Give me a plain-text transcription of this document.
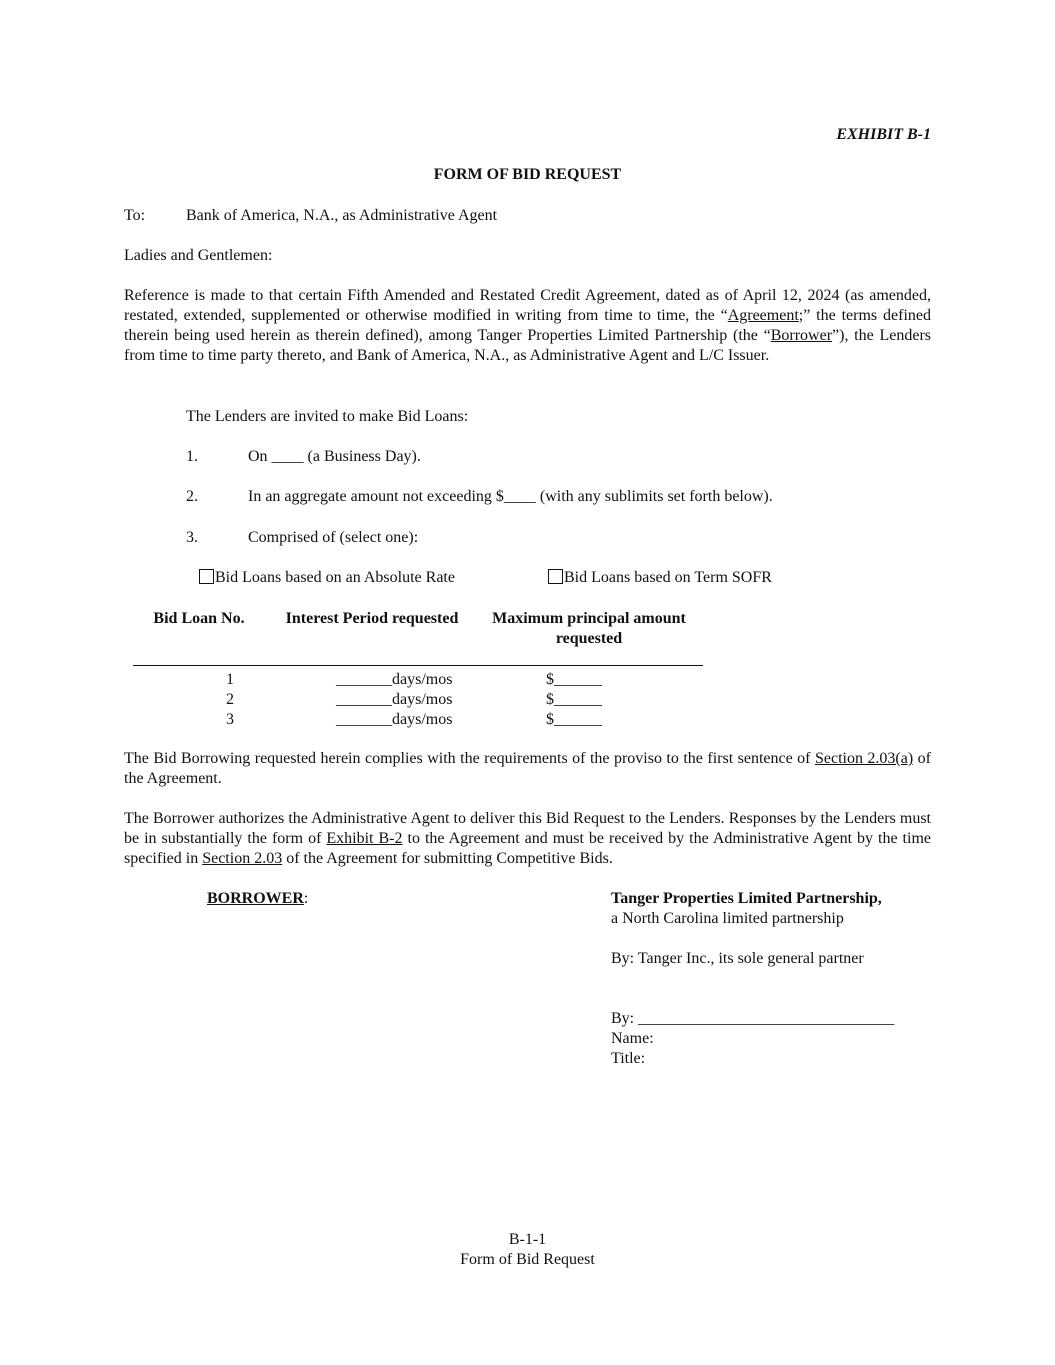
EXHIBIT B-1
FORM OF BID REQUEST
To:	Bank of America, N.A., as Administrative Agent
Ladies and Gentlemen:
Reference is made to that certain Fifth Amended and Restated Credit Agreement, dated as of April 12, 2024 (as amended, restated, extended, supplemented or otherwise modified in writing from time to time, the “Agreement;” the terms defined therein being used herein as therein defined), among Tanger Properties Limited Partnership (the “Borrower”), the Lenders from time to time party thereto, and Bank of America, N.A., as Administrative Agent and L/C Issuer.
The Lenders are invited to make Bid Loans:
1.	On ____ (a Business Day).
2.	In an aggregate amount not exceeding $____ (with any sublimits set forth below).
3.	Comprised of (select one):
Bid Loans based on an Absolute Rate	Bid Loans based on Term SOFR
Bid Loan No.	Interest Period requested	Maximum principal amount requested
1	_______days/mos	$______
2	_______days/mos	$______
3	_______days/mos	$______
The Bid Borrowing requested herein complies with the requirements of the proviso to the first sentence of Section 2.03(a) of the Agreement.
The Borrower authorizes the Administrative Agent to deliver this Bid Request to the Lenders. Responses by the Lenders must be in substantially the form of Exhibit B-2 to the Agreement and must be received by the Administrative Agent by the time specified in Section 2.03 of the Agreement for submitting Competitive Bids.
BORROWER:	Tanger Properties Limited Partnership,
a North Carolina limited partnership
By: Tanger Inc., its sole general partner
By: ________________________________
Name:
Title:
B-1-1
Form of Bid Request
